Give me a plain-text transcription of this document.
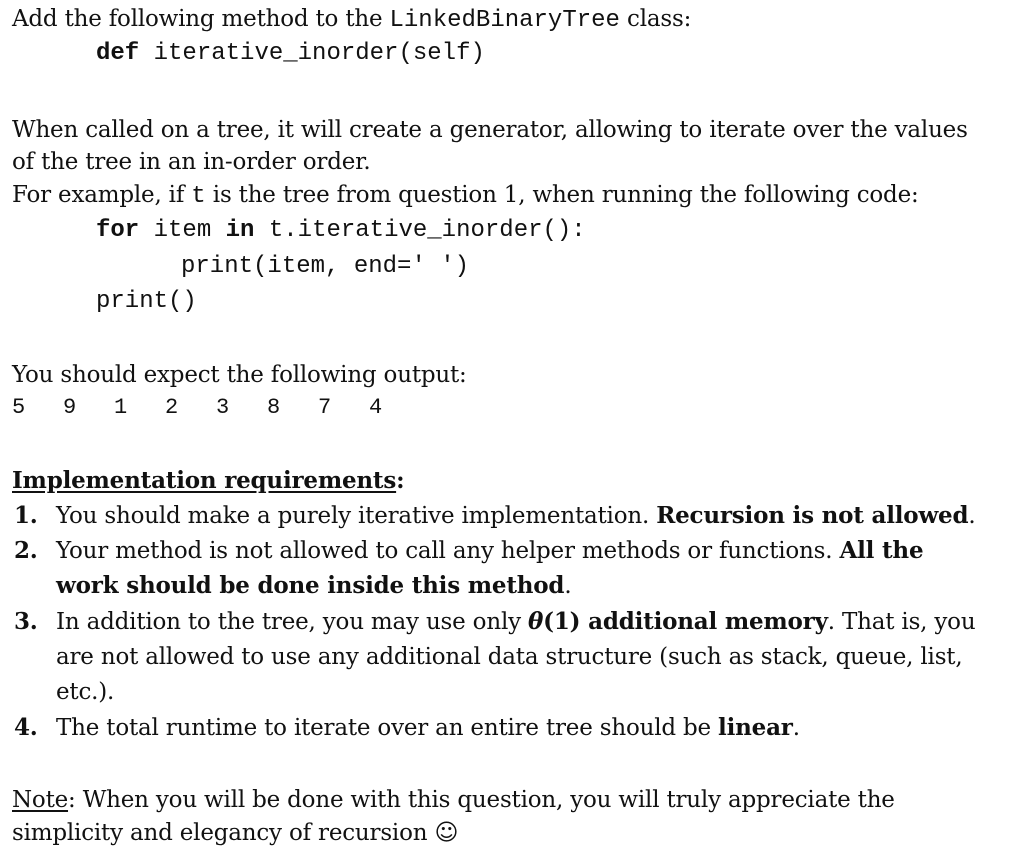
Add the following method to the LinkedBinaryTree class:
def iterative_inorder(self)
When called on a tree, it will create a generator, allowing to iterate over the values
of the tree in an in-order order.
For example, if t is the tree from question 1, when running the following code:
for item in t.iterative_inorder():
print(item, end=' ')
print()
You should expect the following output:
5 9 1 2 3 8 7 4
Implementation requirements:
1. You should make a purely iterative implementation. Recursion is not allowed.
2. Your method is not allowed to call any helper methods or functions. All the
work should be done inside this method.
3. In addition to the tree, you may use only θ(1) additional memory. That is, you
are not allowed to use any additional data structure (such as stack, queue, list,
etc.).
4. The total runtime to iterate over an entire tree should be linear.
Note: When you will be done with this question, you will truly appreciate the
simplicity and elegancy of recursion ☺
